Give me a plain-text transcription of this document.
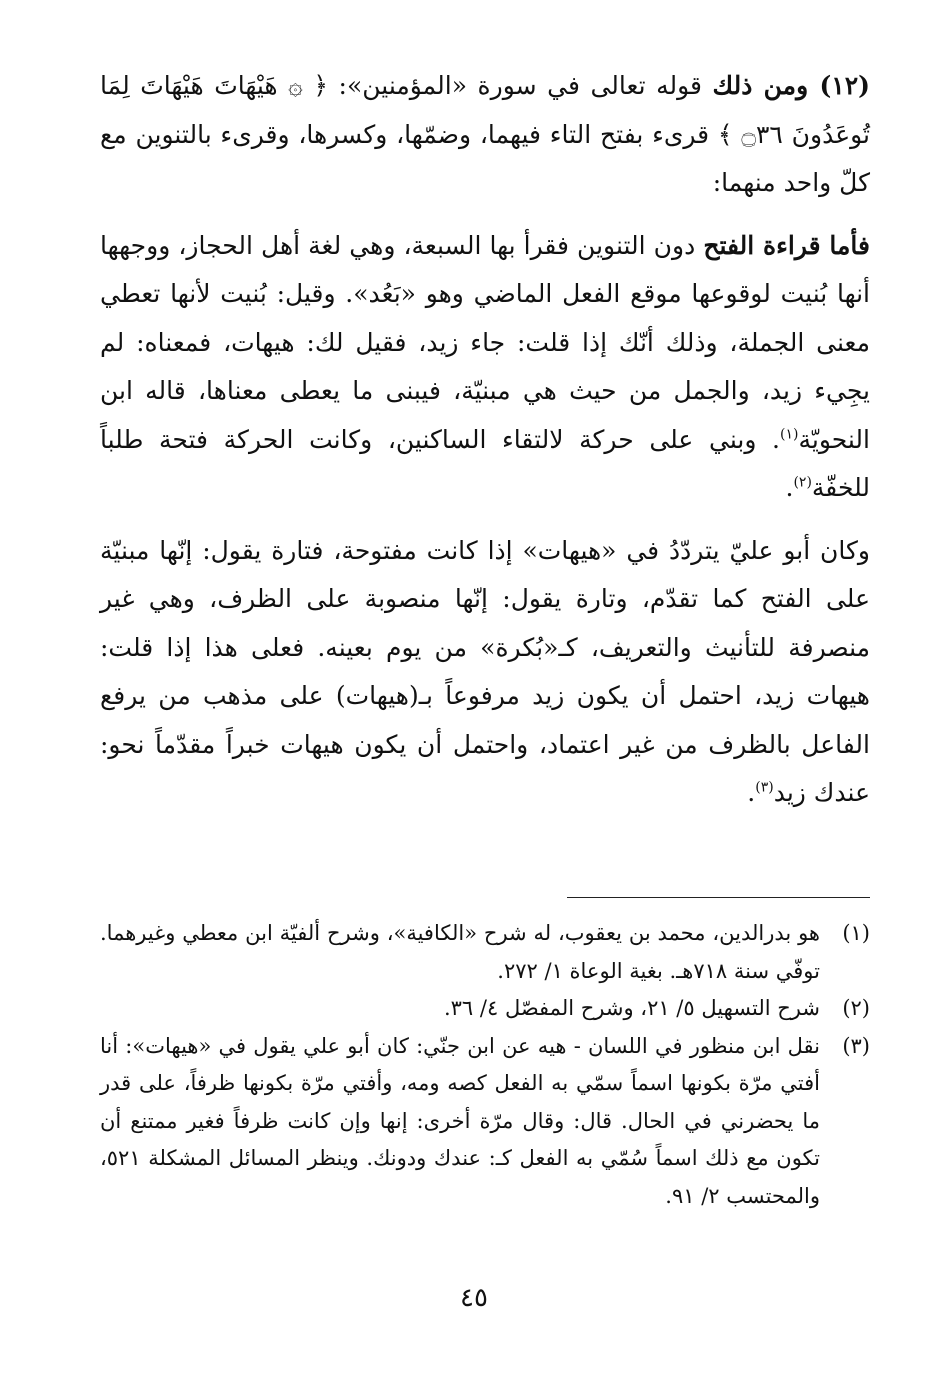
(١٢) ومن ذلك قوله تعالى في سورة «المؤمنين»: ﴿ ۞ هَيْهَاتَ هَيْهَاتَ لِمَا تُوعَدُونَ ۝٣٦ ﴾ قرىء بفتح التاء فيهما، وضمّها، وكسرها، وقرىء بالتنوين مع كلّ واحد منهما:

فأما قراءة الفتح دون التنوين فقرأ بها السبعة، وهي لغة أهل الحجاز، ووجهها أنها بُنيت لوقوعها موقع الفعل الماضي وهو «بَعُد». وقيل: بُنيت لأنها تعطي معنى الجملة، وذلك أنّك إذا قلت: جاء زيد، فقيل لك: هيهات، فمعناه: لم يجِيء زيد، والجمل من حيث هي مبنيّة، فيبنى ما يعطى معناها، قاله ابن النحويّة$^{(١)}$. وبني على حركة لالتقاء الساكنين، وكانت الحركة فتحة طلباً للخفّة$^{(٢)}$.

وكان أبو عليّ يتردّدُ في «هيهات» إذا كانت مفتوحة، فتارة يقول: إنّها مبنيّة على الفتح كما تقدّم، وتارة يقول: إنّها منصوبة على الظرف، وهي غير منصرفة للتأنيث والتعريف، كـ«بُكرة» من يوم بعينه. فعلى هذا إذا قلت: هيهات زيد، احتمل أن يكون زيد مرفوعاً بـ(هيهات) على مذهب من يرفع الفاعل بالظرف من غير اعتماد، واحتمل أن يكون هيهات خبراً مقدّماً نحو: عندك زيد$^{(٣)}$.

(١)
هو بدرالدين، محمد بن يعقوب، له شرح «الكافية»، وشرح ألفيّة ابن معطي وغيرهما. توفّي سنة ٧١٨هـ. بغية الوعاة ١/ ٢٧٢.
(٢)
شرح التسهيل ٥/ ٢١، وشرح المفصّل ٤/ ٣٦.
(٣)
نقل ابن منظور في اللسان - هيه عن ابن جنّي: كان أبو علي يقول في «هيهات»: أنا أفتي مرّة بكونها اسماً سمّي به الفعل كصه ومه، وأفتي مرّة بكونها ظرفاً، على قدر ما يحضرني في الحال. قال: وقال مرّة أخرى: إنها وإن كانت ظرفاً فغير ممتنع أن تكون مع ذلك اسماً سُمّي به الفعل كـ: عندك ودونك. وينظر المسائل المشكلة ٥٢١، والمحتسب ٢/ ٩١.
٤٥
